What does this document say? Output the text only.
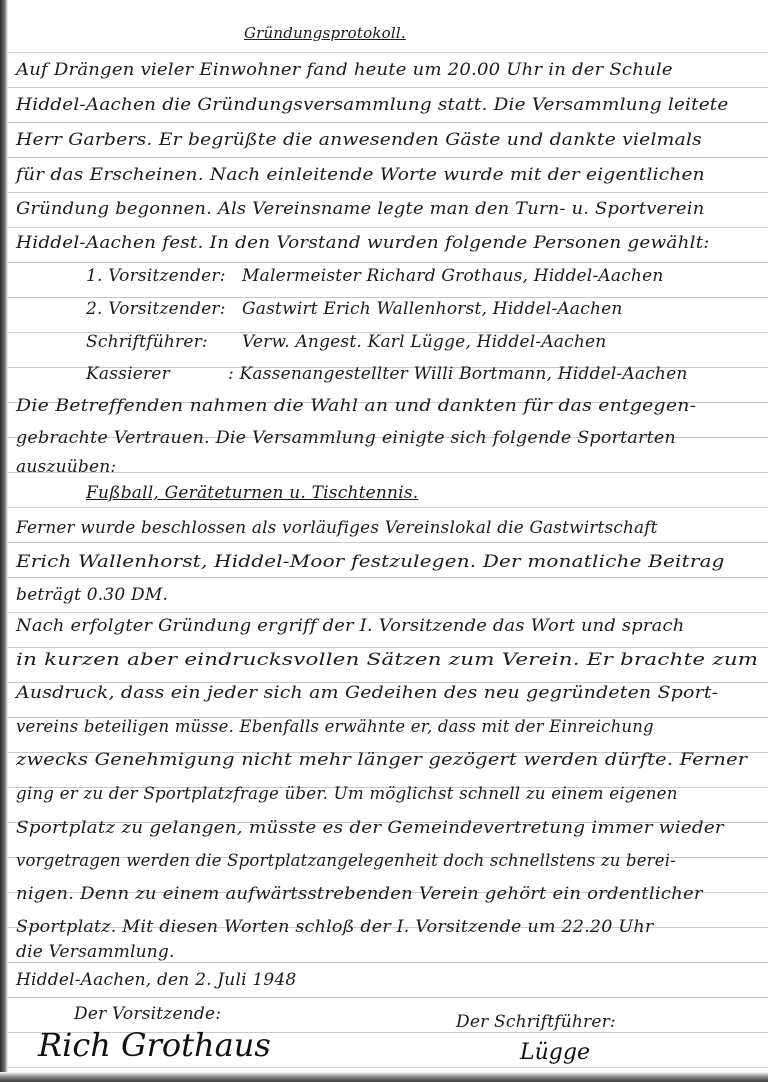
Gründungsprotokoll.
Auf Drängen vieler Einwohner fand heute um 20.00 Uhr in der Schule
Hiddel-Aachen die Gründungsversammlung statt. Die Versammlung leitete
Herr Garbers. Er begrüßte die anwesenden Gäste und dankte vielmals
für das Erscheinen. Nach einleitende Worte wurde mit der eigentlichen
Gründung begonnen. Als Vereinsname legte man den Turn- u. Sportverein
Hiddel-Aachen fest. In den Vorstand wurden folgende Personen gewählt:
1. Vorsitzender: Malermeister Richard Grothaus, Hiddel-Aachen
2. Vorsitzender: Gastwirt Erich Wallenhorst, Hiddel-Aachen
Schriftführer: Verw. Angest. Karl Lügge, Hiddel-Aachen
Kassierer	: Kassenangestellter Willi Bortmann, Hiddel-Aachen
Die Betreffenden nahmen die Wahl an und dankten für das entgegen-
gebrachte Vertrauen. Die Versammlung einigte sich folgende Sportarten
auszuüben:
Fußball, Geräteturnen u. Tischtennis.
Ferner wurde beschlossen als vorläufiges Vereinslokal die Gastwirtschaft
Erich Wallenhorst, Hiddel-Moor festzulegen. Der monatliche Beitrag
beträgt 0.30 DM.
Nach erfolgter Gründung ergriff der I. Vorsitzende das Wort und sprach
in kurzen aber eindrucksvollen Sätzen zum Verein. Er brachte zum
Ausdruck, dass ein jeder sich am Gedeihen des neu gegründeten Sport-
vereins beteiligen müsse. Ebenfalls erwähnte er, dass mit der Einreichung
zwecks Genehmigung nicht mehr länger gezögert werden dürfte. Ferner
ging er zu der Sportplatzfrage über. Um möglichst schnell zu einem eigenen
Sportplatz zu gelangen, müsste es der Gemeindevertretung immer wieder
vorgetragen werden die Sportplatzangelegenheit doch schnellstens zu berei-
nigen. Denn zu einem aufwärtsstrebenden Verein gehört ein ordentlicher
Sportplatz. Mit diesen Worten schloß der I. Vorsitzende um 22.20 Uhr
die Versammlung.
Hiddel-Aachen, den 2. Juli 1948
Der Vorsitzende:	Der Schriftführer:
Rich Grothaus	Lügge
